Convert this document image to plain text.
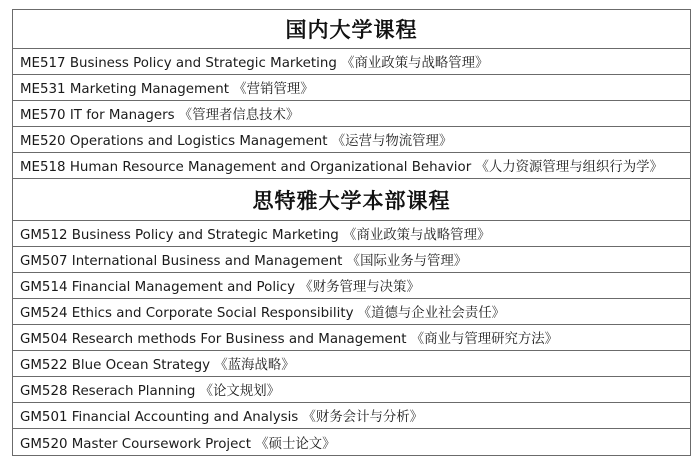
国内大学课程
ME517 Business Policy and Strategic Marketing 《商业政策与战略管理》
ME531 Marketing Management 《营销管理》
ME570 IT for Managers 《管理者信息技术》
ME520 Operations and Logistics Management 《运营与物流管理》
ME518 Human Resource Management and Organizational Behavior 《人力资源管理与组织行为学》
思特雅大学本部课程
GM512 Business Policy and Strategic Marketing 《商业政策与战略管理》
GM507 International Business and Management 《国际业务与管理》
GM514 Financial Management and Policy 《财务管理与决策》
GM524 Ethics and Corporate Social Responsibility 《道德与企业社会责任》
GM504 Research methods For Business and Management 《商业与管理研究方法》
GM522 Blue Ocean Strategy 《蓝海战略》
GM528 Reserach Planning 《论文规划》
GM501 Financial Accounting and Analysis 《财务会计与分析》
GM520 Master Coursework Project 《硕士论文》
